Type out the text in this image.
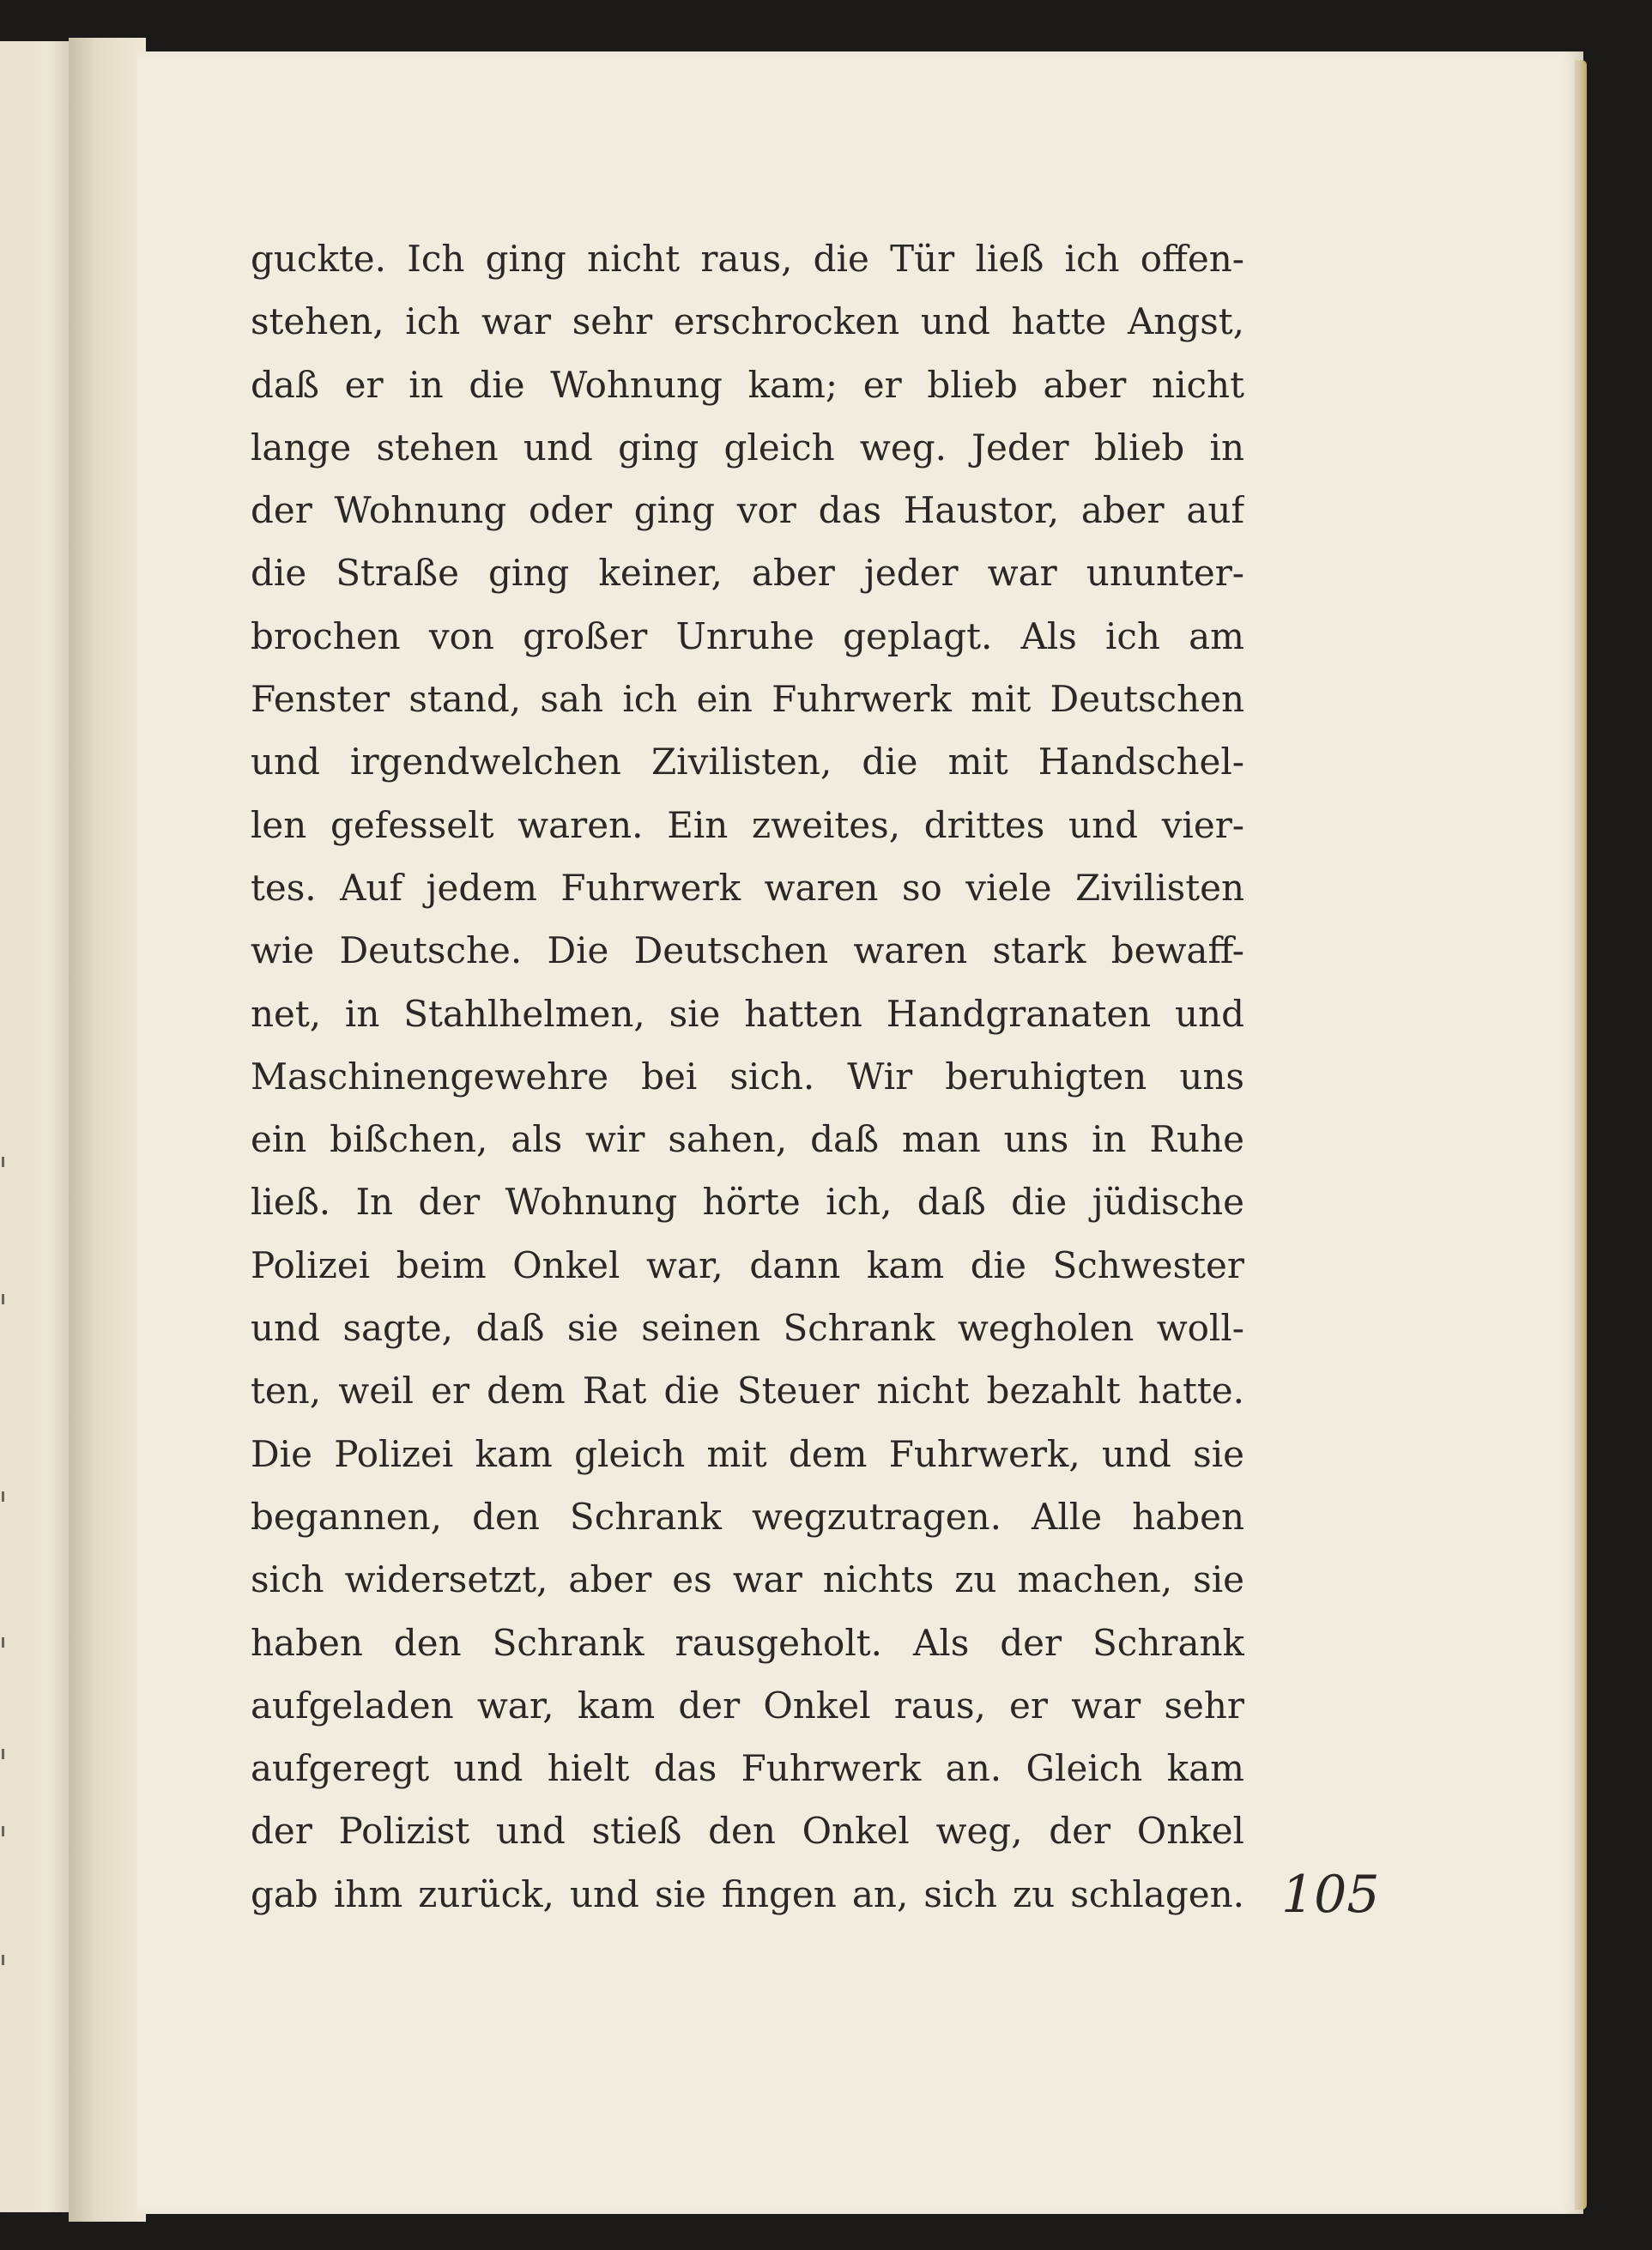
guckte. Ich ging nicht raus, die Tür ließ ich offen-
stehen, ich war sehr erschrocken und hatte Angst,
daß er in die Wohnung kam; er blieb aber nicht
lange stehen und ging gleich weg. Jeder blieb in
der Wohnung oder ging vor das Haustor, aber auf
die Straße ging keiner, aber jeder war ununter-
brochen von großer Unruhe geplagt. Als ich am
Fenster stand, sah ich ein Fuhrwerk mit Deutschen
und irgendwelchen Zivilisten, die mit Handschel-
len gefesselt waren. Ein zweites, drittes und vier-
tes. Auf jedem Fuhrwerk waren so viele Zivilisten
wie Deutsche. Die Deutschen waren stark bewaff-
net, in Stahlhelmen, sie hatten Handgranaten und
Maschinengewehre bei sich. Wir beruhigten uns
ein bißchen, als wir sahen, daß man uns in Ruhe
ließ. In der Wohnung hörte ich, daß die jüdische
Polizei beim Onkel war, dann kam die Schwester
und sagte, daß sie seinen Schrank wegholen woll-
ten, weil er dem Rat die Steuer nicht bezahlt hatte.
Die Polizei kam gleich mit dem Fuhrwerk, und sie
begannen, den Schrank wegzutragen. Alle haben
sich widersetzt, aber es war nichts zu machen, sie
haben den Schrank rausgeholt. Als der Schrank
aufgeladen war, kam der Onkel raus, er war sehr
aufgeregt und hielt das Fuhrwerk an. Gleich kam
der Polizist und stieß den Onkel weg, der Onkel
gab ihm zurück, und sie fingen an, sich zu schlagen. 105
